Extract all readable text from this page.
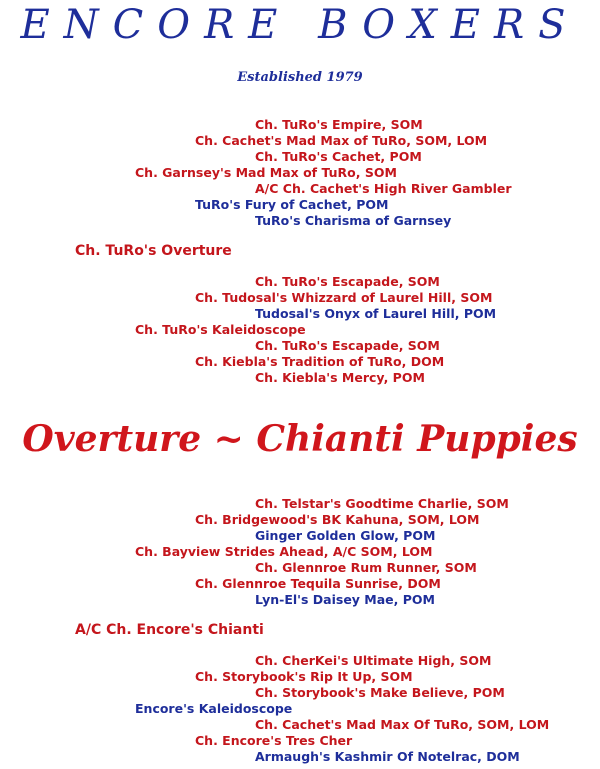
ENCORE BOXERS
Established 1979
Ch. TuRo's Empire, SOM
Ch. Cachet's Mad Max of TuRo, SOM, LOM
Ch. TuRo's Cachet, POM
Ch. Garnsey's Mad Max of TuRo, SOM
A/C Ch. Cachet's High River Gambler
TuRo's Fury of Cachet, POM
TuRo's Charisma of Garnsey
Ch. TuRo's Overture
Ch. TuRo's Escapade, SOM
Ch. Tudosal's Whizzard of Laurel Hill, SOM
Tudosal's Onyx of Laurel Hill, POM
Ch. TuRo's Kaleidoscope
Ch. TuRo's Escapade, SOM
Ch. Kiebla's Tradition of TuRo, DOM
Ch. Kiebla's Mercy, POM
Overture ~ Chianti Puppies
Ch. Telstar's Goodtime Charlie, SOM
Ch. Bridgewood's BK Kahuna, SOM, LOM
Ginger Golden Glow, POM
Ch. Bayview Strides Ahead, A/C SOM, LOM
Ch. Glennroe Rum Runner, SOM
Ch. Glennroe Tequila Sunrise, DOM
Lyn-El's Daisey Mae, POM
A/C Ch. Encore's Chianti
Ch. CherKei's Ultimate High, SOM
Ch. Storybook's Rip It Up, SOM
Ch. Storybook's Make Believe, POM
Encore's Kaleidoscope
Ch. Cachet's Mad Max Of TuRo, SOM, LOM
Ch. Encore's Tres Cher
Armaugh's Kashmir Of Notelrac, DOM
